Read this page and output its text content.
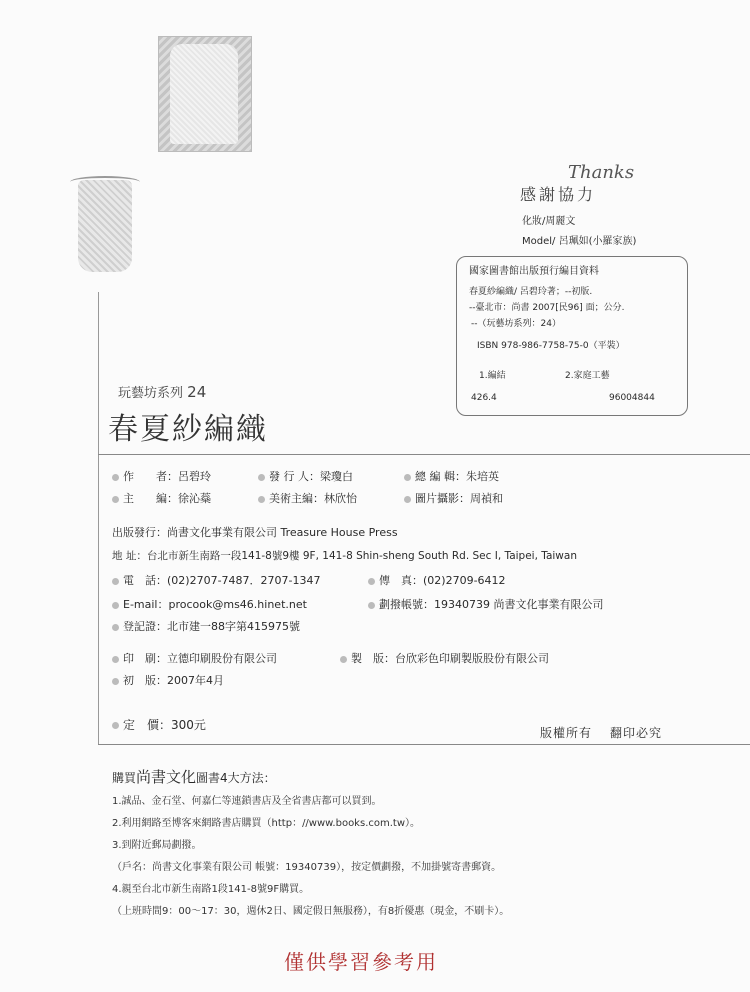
Thanks
感謝協力
化妝/周麗文
Model/ 呂珮如(小羅家族)
國家圖書館出版預行編目資料
春夏紗編織/ 呂碧玲著；--初版.
--臺北市：尚書 2007[民96] 面；公分.
--（玩藝坊系列：24）
ISBN 978-986-7758-75-0（平裝）
1.編結	2.家庭工藝
426.4	96004844
玩藝坊系列 24
春夏紗編織
作　　者：呂碧玲	發 行 人：梁瓊白	總 編 輯：朱培英
主　　編：徐沁蘂	美術主編：林欣怡	圖片攝影：周禎和
出版發行：尚書文化事業有限公司 Treasure House Press
地 址：台北市新生南路一段141-8號9樓 9F, 141-8 Shin-sheng South Rd. Sec I, Taipei, Taiwan
電　話：(02)2707-7487．2707-1347	傳　真：(02)2709-6412
E-mail：procook@ms46.hinet.net	劃撥帳號：19340739 尚書文化事業有限公司
登記證：北市建一88字第415975號
印　刷：立德印刷股份有限公司	製　版：台欣彩色印刷製版股份有限公司
初　版：2007年4月
定　價：300元
版權所有 翻印必究
購買尚書文化圖書4大方法：
1.誠品、金石堂、何嘉仁等連鎖書店及全省書店都可以買到。
2.利用網路至博客來網路書店購買（http：//www.books.com.tw）。
3.到附近郵局劃撥。
（戶名：尚書文化事業有限公司 帳號：19340739），按定價劃撥，不加掛號寄書郵資。
4.親至台北市新生南路1段141-8號9F購買。
（上班時間9：00～17：30，週休2日、國定假日無服務），有8折優惠（現金，不刷卡）。
僅供學習參考用
